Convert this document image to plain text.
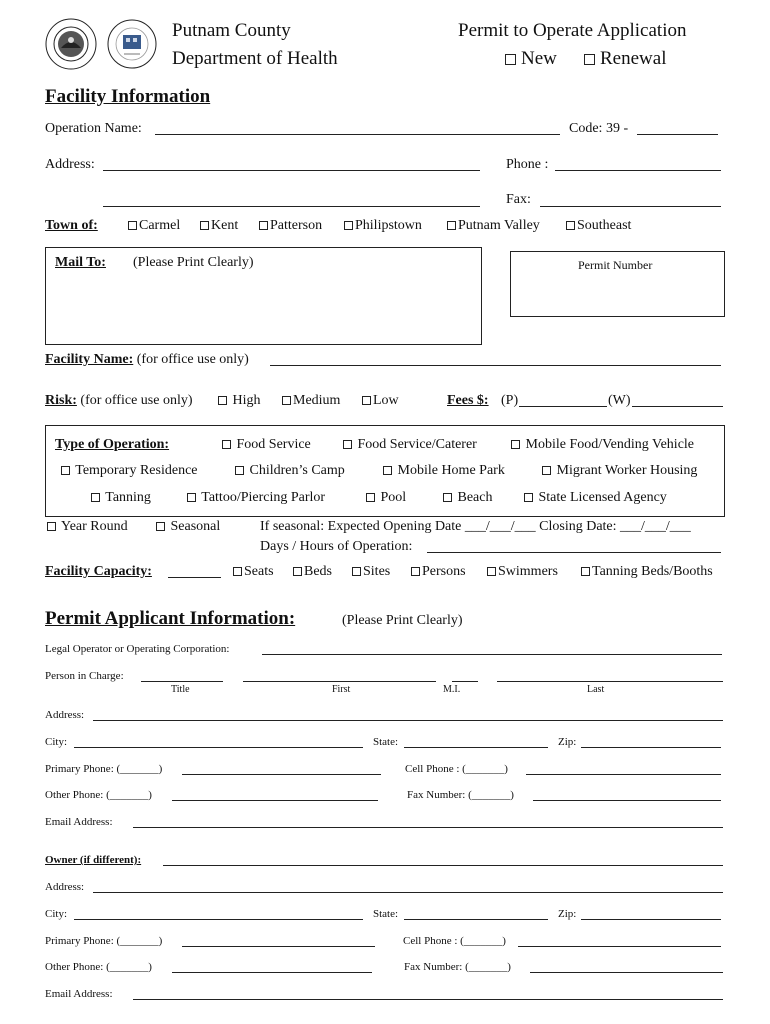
Putnam County
Department of Health
Permit to Operate Application
New	Renewal
Facility Information
Operation Name:	Code: 39 -
Address:	Phone :
Fax:
Town of:	Carmel	Kent	Patterson	Philipstown	Putnam Valley	Southeast
Mail To: (Please Print Clearly)	Permit Number
Facility Name: (for office use only)
Risk: (for office use only)	High	Medium	Low	Fees $: (P)	(W)
Type of Operation:	Food Service	Food Service/Caterer	Mobile Food/Vending Vehicle
Temporary Residence	Children’s Camp	Mobile Home Park	Migrant Worker Housing
Tanning	Tattoo/Piercing Parlor	Pool	Beach	State Licensed Agency
Year Round	Seasonal	If seasonal: Expected Opening Date ___/___/___ Closing Date: ___/___/___
Days / Hours of Operation:
Facility Capacity:	Seats	Beds	Sites	Persons	Swimmers	Tanning Beds/Booths
Permit Applicant Information:	(Please Print Clearly)
Legal Operator or Operating Corporation:
Person in Charge:
Title	First	M.I.	Last
Address:
City:	State:	Zip:
Primary Phone: (_______)	Cell Phone : (_______)
Other Phone: (_______)	Fax Number: (_______)
Email Address:
Owner (if different):
Address:
City:	State:	Zip:
Primary Phone: (_______)	Cell Phone : (_______)
Other Phone: (_______)	Fax Number: (_______)
Email Address:
